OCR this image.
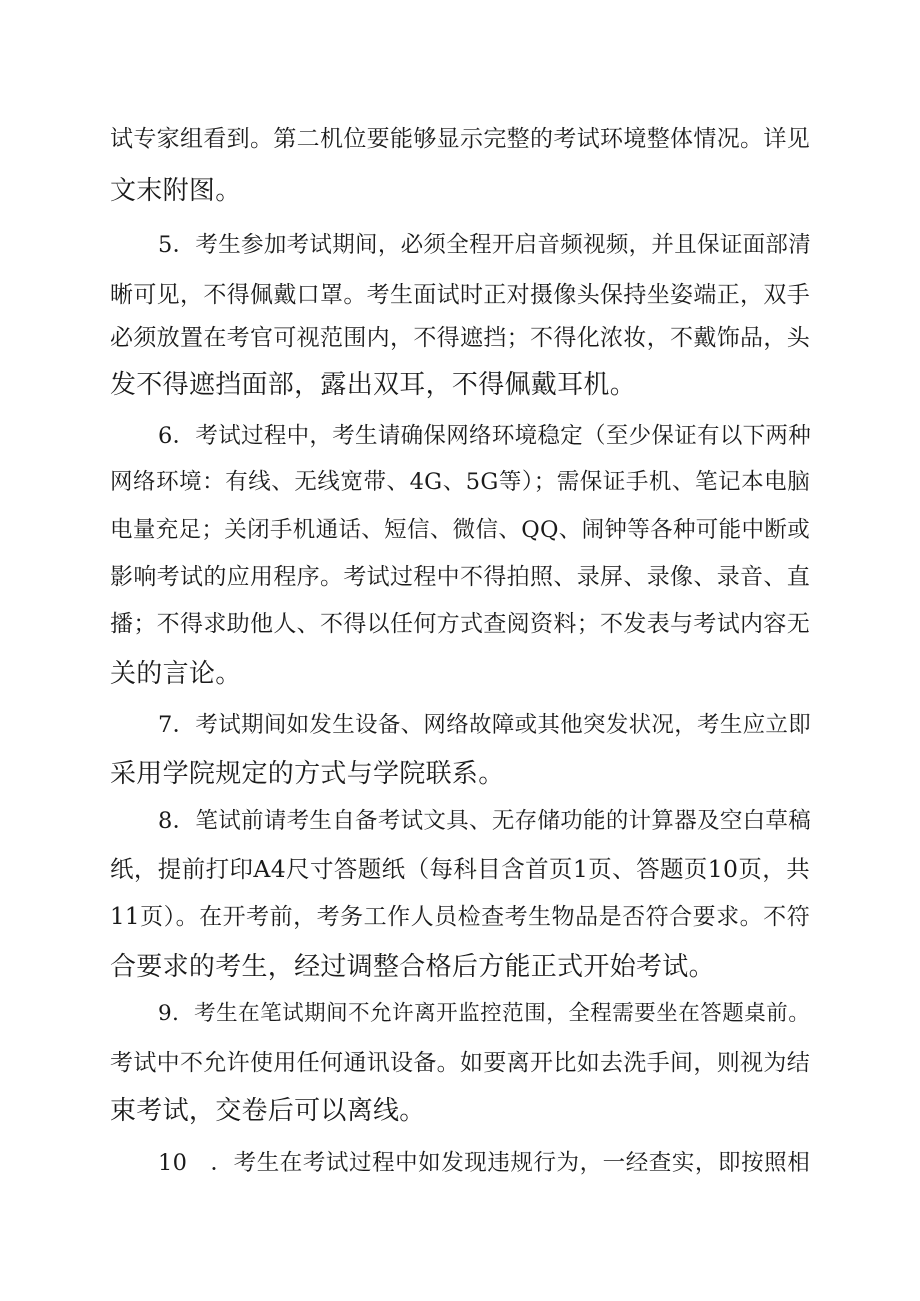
试专家组看到。第二机位要能够显示完整的考试环境整体情况。详见
文末附图。
5．考生参加考试期间，必须全程开启音频视频，并且保证面部清
晰可见，不得佩戴口罩。考生面试时正对摄像头保持坐姿端正，双手
必须放置在考官可视范围内，不得遮挡；不得化浓妆，不戴饰品，头
发不得遮挡面部，露出双耳，不得佩戴耳机。
6．考试过程中，考生请确保网络环境稳定（至少保证有以下两种
网络环境：有线、无线宽带、4G、5G等）；需保证手机、笔记本电脑
电量充足；关闭手机通话、短信、微信、QQ、闹钟等各种可能中断或
影响考试的应用程序。考试过程中不得拍照、录屏、录像、录音、直
播；不得求助他人、不得以任何方式查阅资料；不发表与考试内容无
关的言论。
7．考试期间如发生设备、网络故障或其他突发状况，考生应立即
采用学院规定的方式与学院联系。
8．笔试前请考生自备考试文具、无存储功能的计算器及空白草稿
纸，提前打印A4尺寸答题纸（每科目含首页1页、答题页10页，共
11页）。在开考前，考务工作人员检查考生物品是否符合要求。不符
合要求的考生，经过调整合格后方能正式开始考试。
9．考生在笔试期间不允许离开监控范围，全程需要坐在答题桌前。
考试中不允许使用任何通讯设备。如要离开比如去洗手间，则视为结
束考试，交卷后可以离线。
10　．考生在考试过程中如发现违规行为，一经查实，即按照相
